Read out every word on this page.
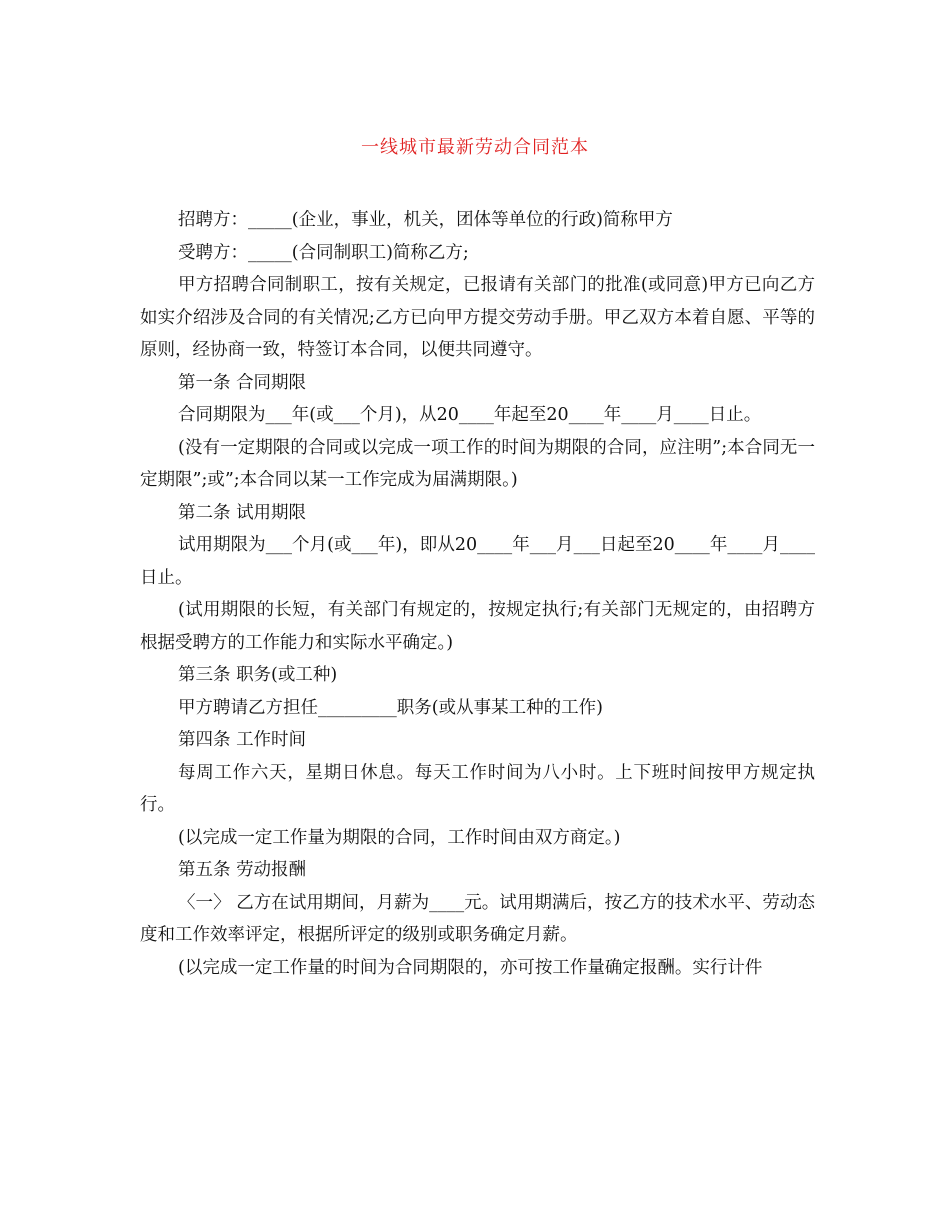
一线城市最新劳动合同范本

招聘方：_____(企业，事业，机关，团体等单位的行政)简称甲方

受聘方：_____(合同制职工)简称乙方;

甲方招聘合同制职工，按有关规定，已报请有关部门的批准(或同意)甲方已向乙方如实介绍涉及合同的有关情况;乙方已向甲方提交劳动手册。甲乙双方本着自愿、平等的原则，经协商一致，特签订本合同，以便共同遵守。

第一条 合同期限

合同期限为___年(或___个月)，从20____年起至20____年____月____日止。

(没有一定期限的合同或以完成一项工作的时间为期限的合同，应注明”;本合同无一定期限”;或”;本合同以某一工作完成为届满期限。)

第二条 试用期限

试用期限为___个月(或___年)，即从20____年___月___日起至20____年____月____日止。

(试用期限的长短，有关部门有规定的，按规定执行;有关部门无规定的，由招聘方根据受聘方的工作能力和实际水平确定。)

第三条 职务(或工种)

甲方聘请乙方担任_________职务(或从事某工种的工作)

第四条 工作时间

每周工作六天，星期日休息。每天工作时间为八小时。上下班时间按甲方规定执行。

(以完成一定工作量为期限的合同，工作时间由双方商定。)

第五条 劳动报酬

〈一〉 乙方在试用期间，月薪为____元。试用期满后，按乙方的技术水平、劳动态度和工作效率评定，根据所评定的级别或职务确定月薪。

(以完成一定工作量的时间为合同期限的，亦可按工作量确定报酬。实行计件
